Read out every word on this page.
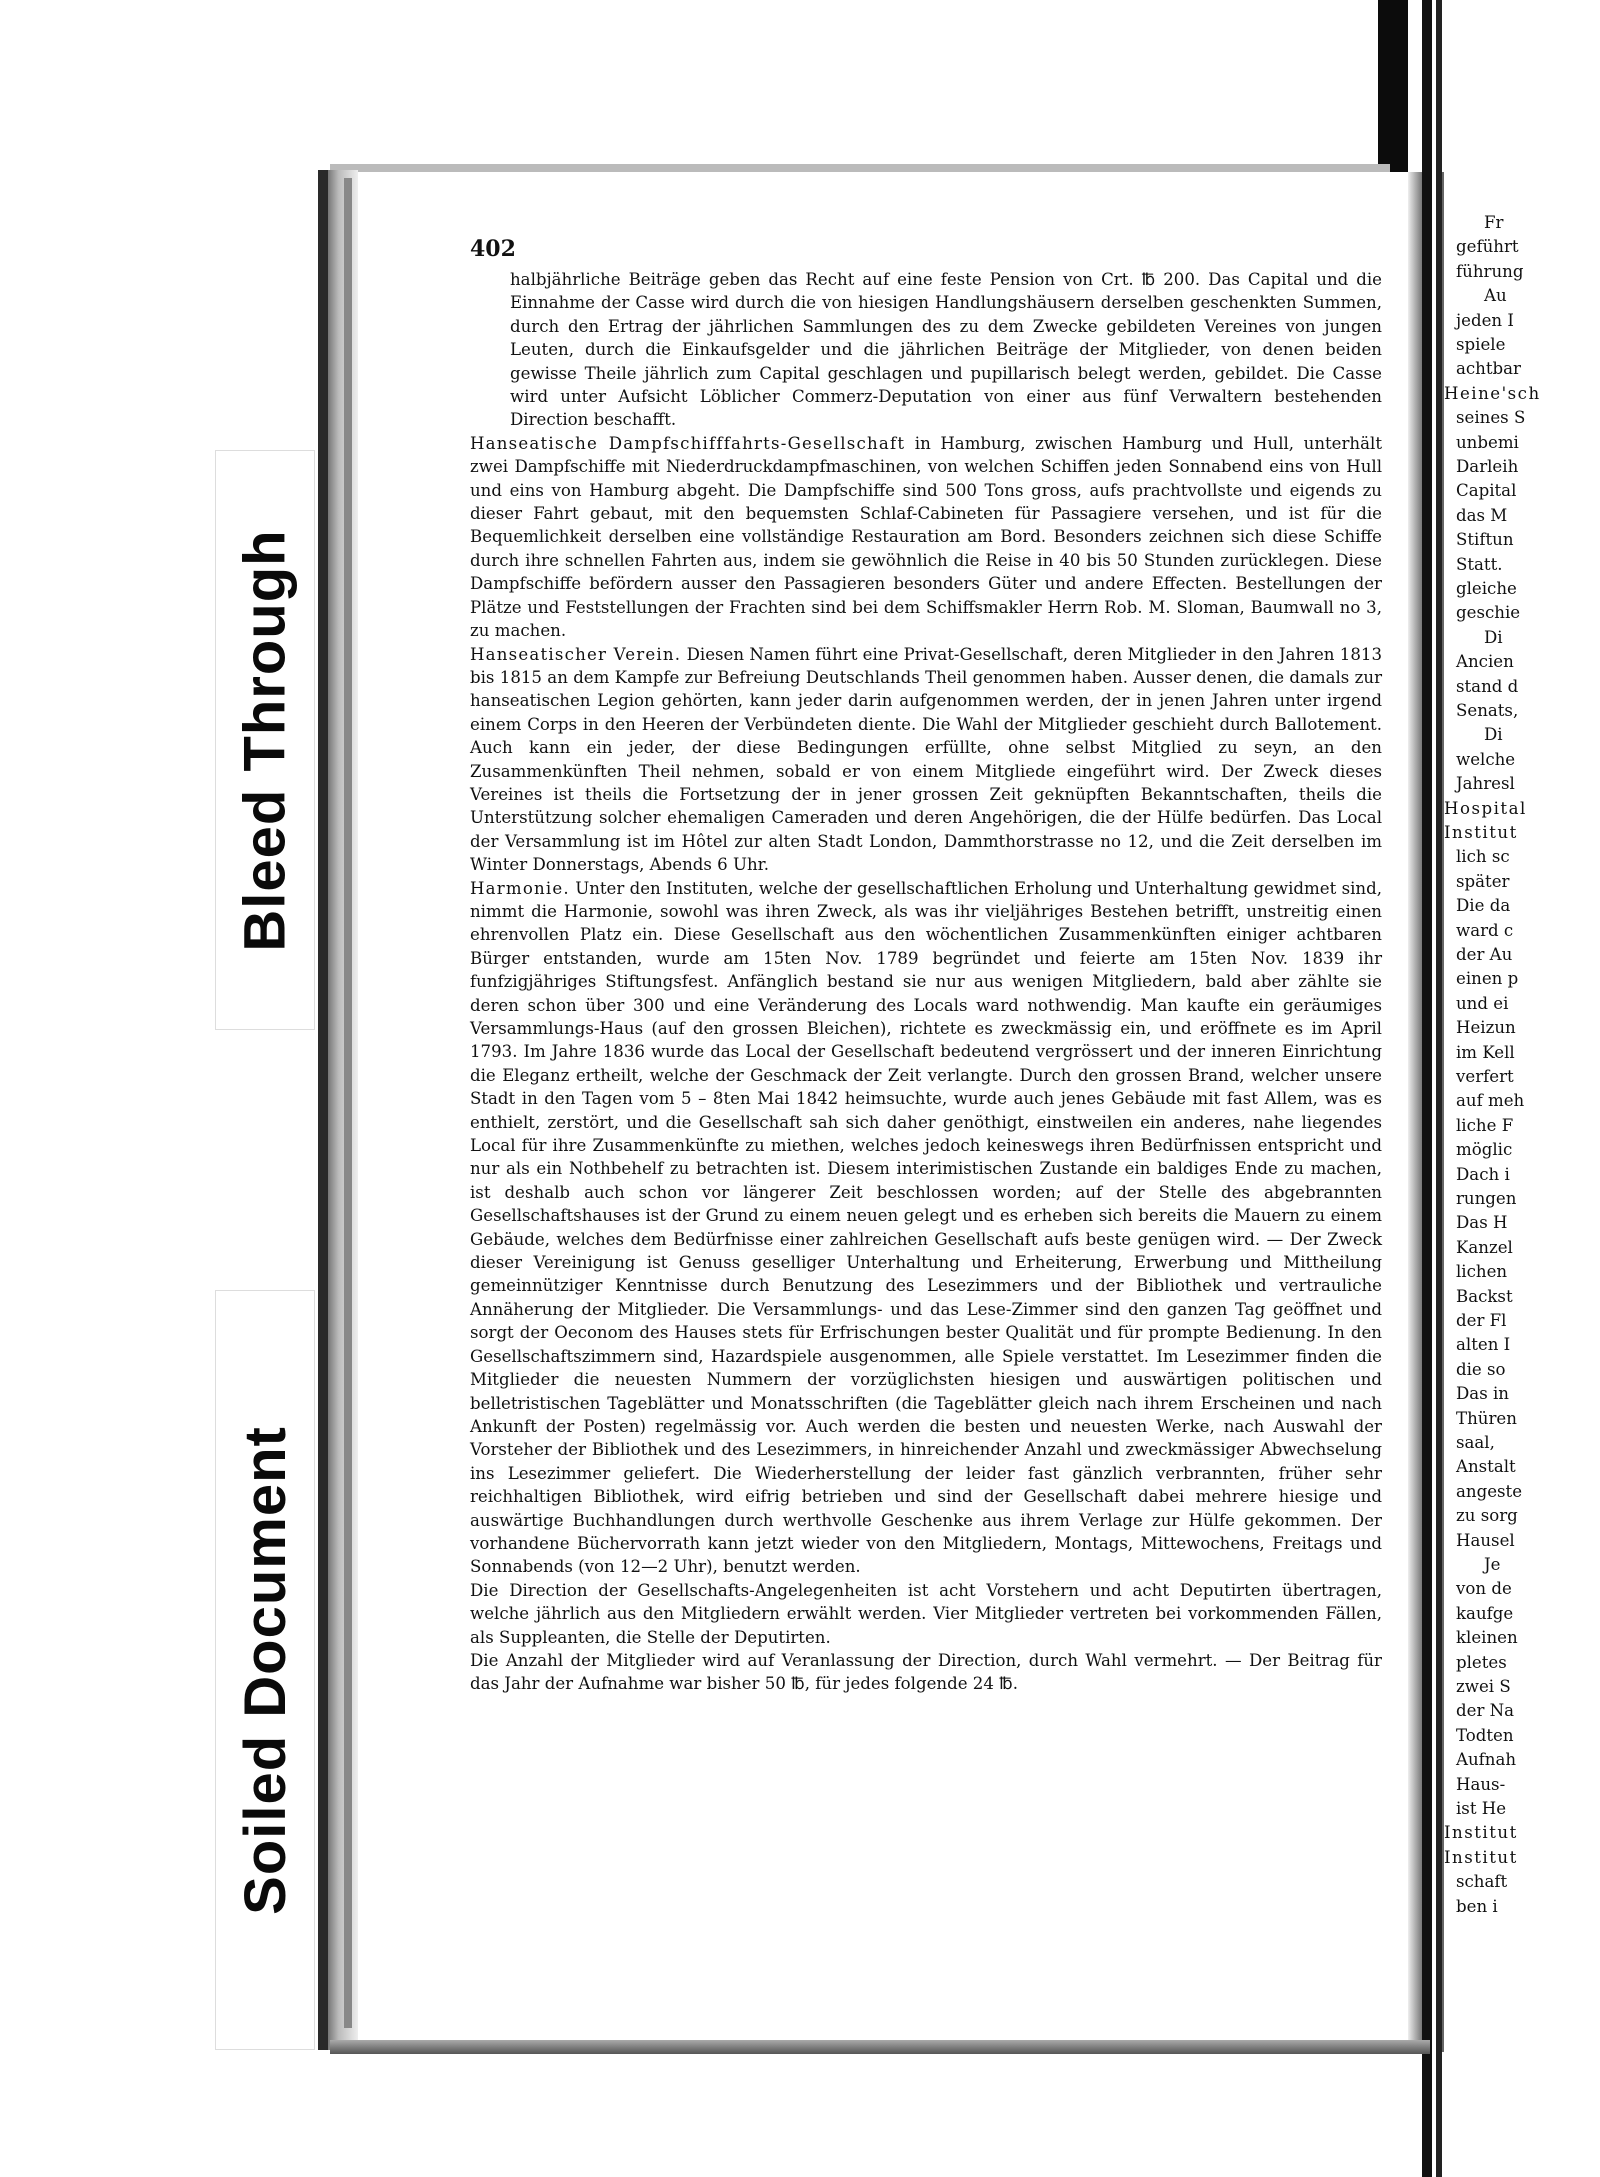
Bleed Through
Soiled Document
402

halbjährliche Beiträge geben das Recht auf eine feste Pension von Crt. ℔ 200. Das Capital und die Einnahme der Casse wird durch die von hiesigen Handlungshäusern derselben geschenkten Summen, durch den Ertrag der jährlichen Sammlungen des zu dem Zwecke gebildeten Vereines von jungen Leuten, durch die Einkaufsgelder und die jährlichen Beiträge der Mitglieder, von denen beiden gewisse Theile jährlich zum Capital geschlagen und pupillarisch belegt werden, gebildet. Die Casse wird unter Aufsicht Löblicher Commerz-Deputation von einer aus fünf Verwaltern bestehenden Direction beschafft.

Hanseatische Dampfschifffahrts-Gesellschaft in Hamburg, zwischen Hamburg und Hull, unterhält zwei Dampfschiffe mit Niederdruckdampfmaschinen, von welchen Schiffen jeden Sonnabend eins von Hull und eins von Hamburg abgeht. Die Dampfschiffe sind 500 Tons gross, aufs prachtvollste und eigends zu dieser Fahrt gebaut, mit den bequemsten Schlaf-Cabineten für Passagiere versehen, und ist für die Bequemlichkeit derselben eine vollständige Restauration am Bord. Besonders zeichnen sich diese Schiffe durch ihre schnellen Fahrten aus, indem sie gewöhnlich die Reise in 40 bis 50 Stunden zurücklegen. Diese Dampfschiffe befördern ausser den Passagieren besonders Güter und andere Effecten. Bestellungen der Plätze und Feststellungen der Frachten sind bei dem Schiffsmakler Herrn Rob. M. Sloman, Baumwall no 3, zu machen.

Hanseatischer Verein. Diesen Namen führt eine Privat-Gesellschaft, deren Mitglieder in den Jahren 1813 bis 1815 an dem Kampfe zur Befreiung Deutschlands Theil genommen haben. Ausser denen, die damals zur hanseatischen Legion gehörten, kann jeder darin aufgenommen werden, der in jenen Jahren unter irgend einem Corps in den Heeren der Verbündeten diente. Die Wahl der Mitglieder geschieht durch Ballotement. Auch kann ein jeder, der diese Bedingungen erfüllte, ohne selbst Mitglied zu seyn, an den Zusammenkünften Theil nehmen, sobald er von einem Mitgliede eingeführt wird. Der Zweck dieses Vereines ist theils die Fortsetzung der in jener grossen Zeit geknüpften Bekanntschaften, theils die Unterstützung solcher ehemaligen Cameraden und deren Angehörigen, die der Hülfe bedürfen. Das Local der Versammlung ist im Hôtel zur alten Stadt London, Dammthorstrasse no 12, und die Zeit derselben im Winter Donnerstags, Abends 6 Uhr.

Harmonie. Unter den Instituten, welche der gesellschaftlichen Erholung und Unterhaltung gewidmet sind, nimmt die Harmonie, sowohl was ihren Zweck, als was ihr vieljähriges Bestehen betrifft, unstreitig einen ehrenvollen Platz ein. Diese Gesellschaft aus den wöchentlichen Zusammenkünften einiger achtbaren Bürger entstanden, wurde am 15ten Nov. 1789 begründet und feierte am 15ten Nov. 1839 ihr funfzigjähriges Stiftungsfest. Anfänglich bestand sie nur aus wenigen Mitgliedern, bald aber zählte sie deren schon über 300 und eine Veränderung des Locals ward nothwendig. Man kaufte ein geräumiges Versammlungs-Haus (auf den grossen Bleichen), richtete es zweckmässig ein, und eröffnete es im April 1793. Im Jahre 1836 wurde das Local der Gesellschaft bedeutend vergrössert und der inneren Einrichtung die Eleganz ertheilt, welche der Geschmack der Zeit verlangte. Durch den grossen Brand, welcher unsere Stadt in den Tagen vom 5 – 8ten Mai 1842 heimsuchte, wurde auch jenes Gebäude mit fast Allem, was es enthielt, zerstört, und die Gesellschaft sah sich daher genöthigt, einstweilen ein anderes, nahe liegendes Local für ihre Zusammenkünfte zu miethen, welches jedoch keineswegs ihren Bedürfnissen entspricht und nur als ein Nothbehelf zu betrachten ist. Diesem interimistischen Zustande ein baldiges Ende zu machen, ist deshalb auch schon vor längerer Zeit beschlossen worden; auf der Stelle des abgebrannten Gesellschaftshauses ist der Grund zu einem neuen gelegt und es erheben sich bereits die Mauern zu einem Gebäude, welches dem Bedürfnisse einer zahlreichen Gesellschaft aufs beste genügen wird. — Der Zweck dieser Vereinigung ist Genuss geselliger Unterhaltung und Erheiterung, Erwerbung und Mittheilung gemeinnütziger Kenntnisse durch Benutzung des Lesezimmers und der Bibliothek und vertrauliche Annäherung der Mitglieder. Die Versammlungs- und das Lese-Zimmer sind den ganzen Tag geöffnet und sorgt der Oeconom des Hauses stets für Erfrischungen bester Qualität und für prompte Bedienung. In den Gesellschaftszimmern sind, Hazardspiele ausgenommen, alle Spiele verstattet. Im Lesezimmer finden die Mitglieder die neuesten Nummern der vorzüglichsten hiesigen und auswärtigen politischen und belletristischen Tageblätter und Monatsschriften (die Tageblätter gleich nach ihrem Erscheinen und nach Ankunft der Posten) regelmässig vor. Auch werden die besten und neuesten Werke, nach Auswahl der Vorsteher der Bibliothek und des Lesezimmers, in hinreichender Anzahl und zweckmässiger Abwechselung ins Lesezimmer geliefert. Die Wiederherstellung der leider fast gänzlich verbrannten, früher sehr reichhaltigen Bibliothek, wird eifrig betrieben und sind der Gesellschaft dabei mehrere hiesige und auswärtige Buchhandlungen durch werthvolle Geschenke aus ihrem Verlage zur Hülfe gekommen. Der vorhandene Büchervorrath kann jetzt wieder von den Mitgliedern, Montags, Mittewochens, Freitags und Sonnabends (von 12—2 Uhr), benutzt werden.

Die Direction der Gesellschafts-Angelegenheiten ist acht Vorstehern und acht Deputirten übertragen, welche jährlich aus den Mitgliedern erwählt werden. Vier Mitglieder vertreten bei vorkommenden Fällen, als Suppleanten, die Stelle der Deputirten.

Die Anzahl der Mitglieder wird auf Veranlassung der Direction, durch Wahl vermehrt. — Der Beitrag für das Jahr der Aufnahme war bisher 50 ℔, für jedes folgende 24 ℔.

Fr
geführt
führung
Au
jeden I
spiele
achtbar
Heine'sch
seines S
unbemi
Darleih
Capital
das M
Stiftun
Statt.
gleiche
geschie
Di
Ancien
stand d
Senats,
Di
welche
Jahresl
Hospital
Institut
lich sc
später
Die da
ward c
der Au
einen p
und ei
Heizun
im Kell
verfert
auf meh
liche F
möglic
Dach i
rungen
Das H
Kanzel
lichen
Backst
der Fl
alten I
die so
Das in
Thüren
saal,
Anstalt
angeste
zu sorg
Hausel
Je
von de
kaufge
kleinen
pletes
zwei S
der Na
Todten
Aufnah
Haus-
ist He
Institut
Institut
schaft
ben i
